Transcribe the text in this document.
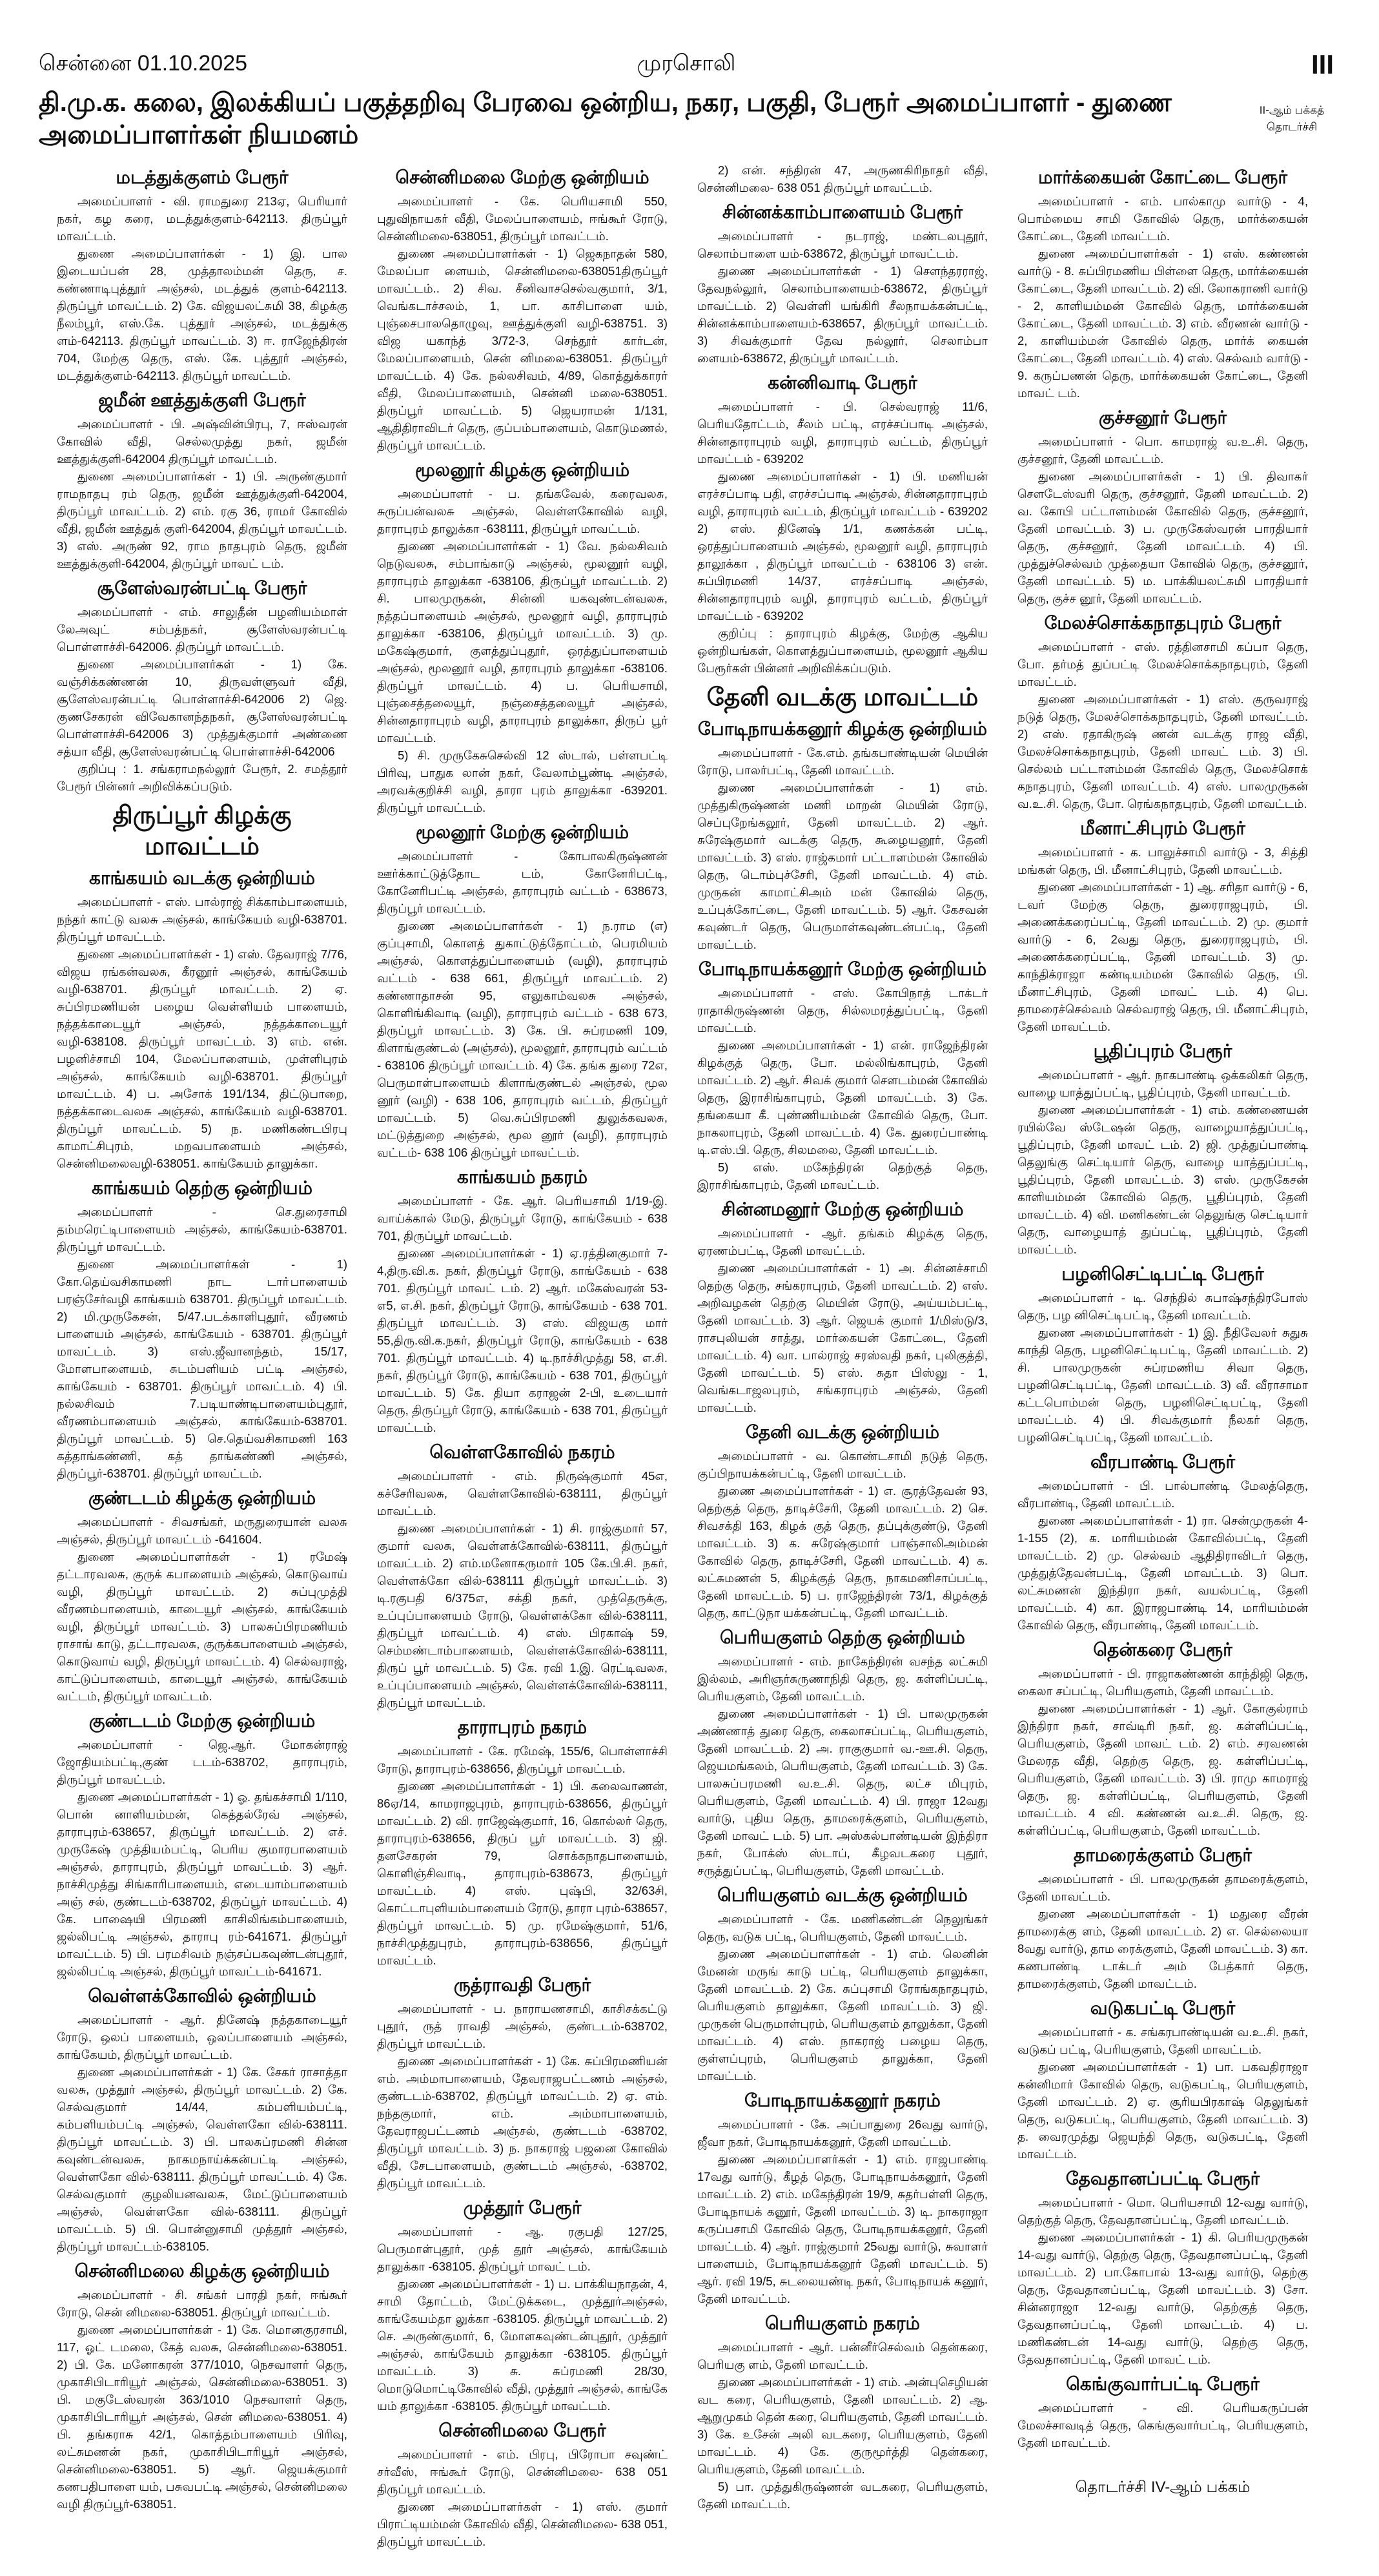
சென்னை 01.10.2025	முரசொலி	III
தி.மு.க. கலை, இலக்கியப் பகுத்தறிவு பேரவை ஒன்றிய, நகர, பகுதி, பேரூர் அமைப்பாளர் - துணை அமைப்பாளர்கள் நியமனம்
II-ஆம் பக்கத் தொடர்ச்சி
மடத்துக்குளம் பேரூர்

அமைப்பாளர் - வி. ராமதுரை 213ஏ, பெரியார் நகர், கழ கரை, மடத்துக்குளம்-642113. திருப்பூர் மாவட்டம்.

துணை அமைப்பாளர்கள் - 1) இ. பால இடையப்பன் 28, முத்தாலம்மன் தெரு, ச. கண்ணாடிபுத்தூர் அஞ்சல், மடத்துக் குளம்-642113. திருப்பூர் மாவட்டம். 2) கே. விஜயலட்சுமி 38, கிழக்கு நீலம்பூர், எஸ்.கே. புத்தூர் அஞ்சல், மடத்துக்கு ளம்-642113. திருப்பூர் மாவட்டம். 3) ஈ. ராஜேந்திரன் 704, மேற்கு தெரு, எஸ். கே. புத்தூர் அஞ்சல், மடத்துக்குளம்-642113. திருப்பூர் மாவட்டம்.

ஜமீன் ஊத்துக்குளி பேரூர்

அமைப்பாளர் - பி. அஷ்வின்பிரபு, 7, ஈஸ்வரன் கோவில் வீதி, செல்லமுத்து நகர், ஜமீன் ஊத்துக்குளி-642004 திருப்பூர் மாவட்டம்.

துணை அமைப்பாளர்கள் - 1) பி. அருண்குமார் ராமநாதபு ரம் தெரு, ஜமீன் ஊத்துக்குளி-642004, திருப்பூர் மாவட்டம். 2) எம். ரகு 36, ராமர் கோவில் வீதி, ஜமீன் ஊத்துக் குளி-642004, திருப்பூர் மாவட்டம். 3) எஸ். அருண் 92, ராம நாதபுரம் தெரு, ஜமீன் ஊத்துக்குளி-642004, திருப்பூர் மாவட் டம்.

சூளேஸ்வரன்பட்டி பேரூர்

அமைப்பாளர் - எம். சாலுதீன் பழனியம்மாள் லேஅவுட் சம்பத்நகர், சூளேஸ்வரன்பட்டி பொள்ளாச்சி-642006. திருப்பூர் மாவட்டம்.

துணை அமைப்பாளர்கள் - 1) கே. வஞ்சிக்கண்ணன் 10, திருவள்ளுவர் வீதி, சூளேஸ்வரன்பட்டி பொள்ளாச்சி-642006 2) ஜெ. குணசேகரன் விவேகானந்தநகர், சூளேஸ்வரன்பட்டி பொள்ளாச்சி-642006 3) முத்துக்குமார் அண்ணை சத்யா வீதி, சூளேஸ்வரன்பட்டி பொள்ளாச்சி-642006

குறிப்பு : 1. சங்கராமநல்லூர் பேரூர், 2. சமத்தூர் பேரூர் பின்னர் அறிவிக்கப்படும்.

திருப்பூர் கிழக்கு மாவட்டம்
காங்கயம் வடக்கு ஒன்றியம்

அமைப்பாளர் - எஸ். பால்ராஜ் சிக்காம்பாளையம், நந்தர் காட்டு வலசு அஞ்சல், காங்கேயம் வழி-638701. திருப்பூர் மாவட்டம்.

துணை அமைப்பாளர்கள் - 1) எஸ். தேவராஜ் 7/76, விஜய ரங்கன்வலசு, கீரனூர் அஞ்சல், காங்கேயம் வழி-638701. திருப்பூர் மாவட்டம். 2) ஏ. சுப்பிரமணியன் பழைய வெள்ளியம் பாளையம், நத்தக்காடையூர் அஞ்சல், நத்தக்காடையூர் வழி-638108. திருப்பூர் மாவட்டம். 3) எம். என். பழனிச்சாமி 104, மேலப்பாளையம், முள்ளிபுரம் அஞ்சல், காங்கேயம் வழி-638701. திருப்பூர் மாவட்டம். 4) ப. அசோக் 191/134, திட்டுபாறை, நத்தக்காடைவலசு அஞ்சல், காங்கேயம் வழி-638701. திருப்பூர் மாவட்டம். 5) ந. மணிகண்டபிரபு காமாட்சிபுரம், மறவபாளையம் அஞ்சல், சென்னிமலைவழி-638051. காங்கேயம் தாலுக்கா.

காங்கயம் தெற்கு ஒன்றியம்

அமைப்பாளர் - செ.துரைசாமி தம்மரெட்டிபாளையம் அஞ்சல், காங்கேயம்-638701. திருப்பூர் மாவட்டம்.

துணை அமைப்பாளர்கள் - 1) கோ.தெய்வசிகாமணி நாட டாா்பாளையம் பரஞ்சேர்வழி காங்கயம் 638701. திருப்பூர் மாவட்டம். 2) மி.முருகேசன், 5/47.படக்காளிபுதூர், வீரணம் பாளையம் அஞ்சல், காங்கேயம் - 638701. திருப்பூர் மாவட்டம். 3) எஸ்.ஜீவானந்தம், 15/17, மோளபாளையம், சுடம்பளியம் பட்டி அஞ்சல், காங்கேயம் - 638701. திருப்பூர் மாவட்டம். 4) பி. நல்லசிவம் 7.படியாண்டிபாளையம்புதூர், வீரணம்பாளையம் அஞ்சல், காங்கேயம்-638701. திருப்பூர் மாவட்டம். 5) செ.தெய்வசிகாமணி 163 கத்தாங்கண்ணி, கத் தாங்கண்ணி அஞ்சல், திருப்பூர்-638701. திருப்பூர் மாவட்டம்.

குண்டடம் கிழக்கு ஒன்றியம்

அமைப்பாளர் - சிவசங்கர், மருதுரையான் வலசு அஞ்சல், திருப்பூர் மாவட்டம் -641604.

துணை அமைப்பாளர்கள் - 1) ரமேஷ் தட்டாரவலசு, குருக் கபாளையம் அஞ்சல், கொடுவாய் வழி, திருப்பூர் மாவட்டம். 2) சுப்புமுத்தி வீரணம்பாளையம், காடையூர் அஞ்சல், காங்கேயம் வழி, திருப்பூர் மாவட்டம். 3) பாலசுப்பிரமணியம் ராசாங் காடு, தட்டாரவலசு, குருக்கபாளையம் அஞ்சல், கொடுவாய் வழி, திருப்பூர் மாவட்டம். 4) செல்வராஜ், காட்டுப்பாளையம், காடையூர் அஞ்சல், காங்கேயம் வட்டம், திருப்பூர் மாவட்டம்.

குண்டடம் மேற்கு ஒன்றியம்

அமைப்பாளர் - ஜெ.ஆர். மோகன்ராஜ் ஜோதியம்பட்டி,குண் டடம்-638702, தாராபுரம், திருப்பூர் மாவட்டம்.

துணை அமைப்பாளர்கள் - 1) ஓ. தங்கச்சாமி 1/110, பொன் னாளியம்மன், கெத்தல்ரேவ் அஞ்சல், தாராபுரம்-638657, திருப்பூர் மாவட்டம். 2) எச். முருகேஷ் முத்தியம்பட்டி, பெரிய குமாரபாளையம் அஞ்சல், தாராபுரம், திருப்பூர் மாவட்டம். 3) ஆர். நாச்சிமுத்து சிங்காரிபாளையம், எடையாம்பாளையம் அஞ் சல், குண்டடம்-638702, திருப்பூர் மாவட்டம். 4) கே. பாஷையி பிரமணி காசிலிங்கம்பாளையம், ஜல்லிபட்டி அஞ்சல், தாராபு ரம்-641671. திருப்பூர் மாவட்டம். 5) பி. பரமசிவம் நஞ்சப்பகவுண்டன்புதூர், ஜல்லிபட்டி அஞ்சல், திருப்பூர் மாவட்டம்-641671.

வெள்ளக்கோவில் ஒன்றியம்

அமைப்பாளர் - ஆர். தினேஷ் நத்தகாடையூர் ரோடு, ஒலப் பாளையம், ஒலப்பாளையம் அஞ்சல், காங்கேயம், திருப்பூர் மாவட்டம்.

துணை அமைப்பாளர்கள் - 1) கே. சேகர் ராசாத்தா வலசு, முத்தூர் அஞ்சல், திருப்பூர் மாவட்டம். 2) கே. செல்வகுமார் 14/44, கம்பளியம்பட்டி, கம்பளியம்பட்டி அஞ்சல், வெள்ளகோ வில்-638111. திருப்பூர் மாவட்டம். 3) பி. பாலசுப்ரமணி சின்ன கவுண்டன்வலசு, நாகமநாய்க்கன்பட்டி அஞ்சல், வெள்ளகோ வில்-638111. திருப்பூர் மாவட்டம். 4) கே. செல்வகுமார் குழலியனவலசு, மேட்டுப்பாளையம் அஞ்சல், வெள்ளகோ வில்-638111. திருப்பூர் மாவட்டம். 5) பி. பொன்னுசாமி முத்தூர் அஞ்சல், திருப்பூர் மாவட்டம்-638105.

சென்னிமலை கிழக்கு ஒன்றியம்

அமைப்பாளர் - சி. சங்கர் பாரதி நகர், ஈங்கூர் ரோடு, சென் னிமலை-638051. திருப்பூர் மாவட்டம்.

துணை அமைப்பாளர்கள் - 1) கே. மொனகுரசாமி, 117, ஓட் டமலை, கேத் வலசு, சென்னிமலை-638051. 2) பி. கே. மனோகரன் 377/1010, நெசவாளர் தெரு, முகாசிபிடாரியூர் அஞ்சல், சென்னிமலை-638051. 3) பி. மகுடேஸ்வரன் 363/1010 நெசவாளர் தெரு, முகாசிபிடாரியூர் அஞ்சல், சென் னிமலை-638051. 4) பி. தங்கராசு 42/1, கொத்தம்பாளையம் பிரிவு, லட்சுமணன் நகர், முகாசிபிடாரியூர் அஞ்சல், சென்னிமலை-638051. 5) ஆர். ஜெயக்குமார் கணபதிபாளை யம், பசுவபட்டி அஞ்சல், சென்னிமலை வழி திருப்பூர்-638051.

சென்னிமலை மேற்கு ஒன்றியம்

அமைப்பாளர் - கே. பெரியசாமி 550, புதுவிநாயகர் வீதி, மேலப்பாளையம், ஈங்கூர் ரோடு, சென்னிமலை-638051, திருப்பூர் மாவட்டம்.

துணை அமைப்பாளர்கள் - 1) ஜெகநாதன் 580, மேலப்பா ளையம், சென்னிமலை-638051திருப்பூர் மாவட்டம்.. 2) சிவ. சீனிவாசசெல்வகுமார், 3/1, வெங்கடாச்சலம், 1, பா. காசிபாளை யம், புஞ்சைபாலதொழுவு, ஊத்துக்குளி வழி-638751. 3) விஜ யகாந்த் 3/72-3, செந்தூர் கார்டன், மேலப்பாளையம், சென் னிமலை-638051. திருப்பூர் மாவட்டம். 4) கே. நல்லசிவம், 4/89, கொத்துக்காரர் வீதி, மேலப்பாளையம், சென்னி மலை-638051. திருப்பூர் மாவட்டம். 5) ஜெயராமன் 1/131, ஆதிதிராவிடர் தெரு, குப்பம்பாளையம், கொடுமணல், திருப்பூர் மாவட்டம்.

மூலனூர் கிழக்கு ஒன்றியம்

அமைப்பாளர் - ப. தங்கவேல், கரைவலசு, சுருப்பன்வலசு அஞ்சல், வெள்ளகோவில் வழி, தாராபுரம் தாலுக்கா -638111, திருப்பூர் மாவட்டம்.

துணை அமைப்பாளர்கள் - 1) வே. நல்லசிவம் நெடுவலசு, சம்பாங்காடு அஞ்சல், மூலனூர் வழி, தாராபுரம் தாலுக்கா -638106, திருப்பூர் மாவட்டம். 2) சி. பாலமுருகன், சின்னி யகவுண்டன்வலசு, நத்தப்பாளையம் அஞ்சல், மூலனூர் வழி, தாராபுரம் தாலுக்கா -638106, திருப்பூர் மாவட்டம். 3) மு. மகேஷ்குமார், குளத்துப்புதூர், ஒரத்துப்பாளையம் அஞ்சல், மூலனூர் வழி, தாராபுரம் தாலுக்கா -638106. திருப்பூர் மாவட்டம். 4) ப. பெரியசாமி, புஞ்சைத்தலையூர், நஞ்சைத்தலையூர் அஞ்சல், சின்னதாராபுரம் வழி, தாராபுரம் தாலுக்கா, திருப் பூர் மாவட்டம்.

5) சி. முருகேசுசெல்வி 12 ஸ்டால், பள்ளபட்டி பிரிவு, பாதுக லான் நகர், வேலாம்பூண்டி அஞ்சல், அரவக்குறிச்சி வழி, தாரா புரம் தாலுக்கா -639201. திருப்பூர் மாவட்டம்.

மூலனூர் மேற்கு ஒன்றியம்

அமைப்பாளர் - கோபாலகிருஷ்ணன் ஊர்க்காட்டுத்தோட டம், கோனேரிபட்டி, கோனேரிபட்டி அஞ்சல், தாராபுரம் வட்டம் - 638673, திருப்பூர் மாவட்டம்.

துணை அமைப்பாளர்கள் - 1) ந.ராம (எ) குப்புசாமி, கொளத் துகாட்டுத்தோட்டம், பெரமியம் அஞ்சல், கொளத்துப்பாளையம் (வழி), தாராபுரம் வட்டம் - 638 661, திருப்பூர் மாவட்டம். 2) கண்ணாதாசன் 95, எலுகாம்வலசு அஞ்சல், கொளிங்கிவாடி (வழி), தாராபுரம் வட்டம் - 638 673, திருப்பூர் மாவட்டம். 3) கே. பி. சுப்ரமணி 109, கிளாங்குண்டல் (அஞ்சல்), மூலனூர், தாராபுரம் வட்டம் - 638106 திருப்பூர் மாவட்டம். 4) கே. தங்க துரை 72எ, பெருமாள்பாளையம் கிளாங்குண்டல் அஞ்சல், மூல னூர் (வழி) - 638 106, தாராபுரம் வட்டம், திருப்பூர் மாவட்டம். 5) வெ.சுப்பிரமணி துலுக்கவலசு, மட்டுத்துறை அஞ்சல், மூல னூர் (வழி), தாராபுரம் வட்டம்- 638 106 திருப்பூர் மாவட்டம்.

காங்கயம் நகரம்

அமைப்பாளர் - கே. ஆர். பெரியசாமி 1/19-இ. வாய்க்கால் மேடு, திருப்பூர் ரோடு, காங்கேயம் - 638 701, திருப்பூர் மாவட்டம்.

துணை அமைப்பாளர்கள் - 1) ஏ.ரத்தினகுமார் 7-4,திரு.வி.க. நகர், திருப்பூர் ரோடு, காங்கேயம் - 638 701. திருப்பூர் மாவட் டம். 2) ஆர். மகேஸ்வரன் 53-எ5, எ.சி. நகர், திருப்பூர் ரோடு, காங்கேயம் - 638 701. திருப்பூர் மாவட்டம். 3) எஸ். விஜயகு மார் 55,திரு.வி.க.நகர், திருப்பூர் ரோடு, காங்கேயம் - 638 701. திருப்பூர் மாவட்டம். 4) டி.நாச்சிமுத்து 58, எ.சி. நகர், திருப்பூர் ரோடு, காங்கேயம் - 638 701, திருப்பூர் மாவட்டம். 5) கே. தியா கராஜன் 2-பி, உடையார் தெரு, திருப்பூர் ரோடு, காங்கேயம் - 638 701, திருப்பூர் மாவட்டம்.

வெள்ளகோவில் நகரம்

அமைப்பாளர் - எம். நிருஷ்குமார் 45எ, கச்சேரிவலசு, வெள்ளகோவில்-638111, திருப்பூர் மாவட்டம்.

துணை அமைப்பாளர்கள் - 1) சி. ராஜ்குமார் 57, குமார் வலசு, வெள்ளக்கோவில்-638111, திருப்பூர் மாவட்டம். 2) எம்.மனோகருமார் 105 கே.பி.சி. நகர், வெள்ளக்கோ வில்-638111 திருப்பூர் மாவட்டம். 3) டி.ரகுபதி 6/375எ, சக்தி நகர், முத்தெருக்கு, உப்புப்பாளையம் ரோடு, வெள்ளக்கோ வில்-638111, திருப்பூர் மாவட்டம். 4) எஸ். பிரகாஷ் 59, செம்மண்டாம்பாளையம், வெள்ளக்கோவில்-638111, திருப் பூர் மாவட்டம். 5) கே. ரவி 1.இ. ரெட்டிவலசு, உப்புப்பாளையம் அஞ்சல், வெள்ளக்கோவில்-638111, திருப்பூர் மாவட்டம்.

தாராபுரம் நகரம்

அமைப்பாளர் - கே. ரமேஷ், 155/6, பொள்ளாச்சி ரோடு, தாராபுரம்-638656, திருப்பூர் மாவட்டம்.

துணை அமைப்பாளர்கள் - 1) பி. கலைவாணன், 86ஏ/14, காமராஜபுரம், தாராபுரம்-638656, திருப்பூர் மாவட்டம். 2) வி. ராஜேஷ்குமார், 16, கொல்லர் தெரு, தாராபுரம்-638656, திருப் பூர் மாவட்டம். 3) ஜி. தனசேகரன் 79, சொக்கநாதபாளையம், கொளிஞ்சிவாடி, தாராபுரம்-638673, திருப்பூர் மாவட்டம். 4) எஸ். புஷ்பி, 32/63சி, கொட்டாபுளியம்பாளையம் ரோடு, தாரா புரம்-638657, திருப்பூர் மாவட்டம். 5) மு. ரமேஷ்குமார், 51/6, நாச்சிமுத்துபுரம், தாராபுரம்-638656, திருப்பூர் மாவட்டம்.

ருத்ராவதி பேரூர்

அமைப்பாளர் - ப. நாராயணசாமி, காசிசக்கட்டு புதூர், ருத் ராவதி அஞ்சல், குண்டடம்-638702, திருப்பூர் மாவட்டம்.

துணை அமைப்பாளர்கள் - 1) கே. சுப்பிரமணியன் எம். அம்மாபாளையம், தேவராஜபட்டணம் அஞ்சல், குண்டடம்-638702, திருப்பூர் மாவட்டம். 2) ஏ. எம். நந்தகுமார், எம். அம்மாபாளையம், தேவராஜபட்டணம் அஞ்சல், குண்டடம் -638702, திருப்பூர் மாவட்டம். 3) ந. நாகராஜ் பஜனை கோவில் வீதி, சேடபாளையம், குண்டடம் அஞ்சல், -638702, திருப்பூர் மாவட்டம்.

முத்தூர் பேரூர்

அமைப்பாளர் - ஆ. ரகுபதி 127/25, பெருமாள்புதூர், முத் தூர் அஞ்சல், காங்கேயம் தாலுக்கா -638105. திருப்பூர் மாவட் டம்.

துணை அமைப்பாளர்கள் - 1) ப. பாக்கியநாதன், 4, சாமி தோட்டம், மேட்டுக்கடை, முத்தூர்அஞ்சல், காங்கேயம்தா லுக்கா -638105. திருப்பூர் மாவட்டம். 2) செ. அருண்குமார், 6, மோளகவுண்டன்புதூர், முத்தூர் அஞ்சல், காங்கேயம் தாலுக்கா -638105. திருப்பூர் மாவட்டம். 3) சு. சுப்ரமணி 28/30, மொடுமொட்டிகோவில் வீதி, முத்தூர் அஞ்சல், காங்கே யம் தாலுக்கா -638105. திருப்பூர் மாவட்டம்.

சென்னிமலை பேரூர்

அமைப்பாளர் - எம். பிரபு, பிரோபா சவுண்ட் சர்வீஸ், ஈங்கூர் ரோடு, சென்னிமலை- 638 051 திருப்பூர் மாவட்டம்.

துணை அமைப்பாளர்கள் - 1) எஸ். குமார் பிராட்டியம்மன் கோவில் வீதி, சென்னிமலை- 638 051, திருப்பூர் மாவட்டம்.

2) என். சந்திரன் 47, அருணகிரிநாதர் வீதி, சென்னிமலை- 638 051 திருப்பூர் மாவட்டம்.

சின்னக்காம்பாளையம் பேரூர்

அமைப்பாளர் - நடராஜ், மண்டலபுதூர், செலாம்பாளை யம்-638672, திருப்பூர் மாவட்டம்.

துணை அமைப்பாளர்கள் - 1) சௌந்தரராஜ், தேவநல்லூர், செலாம்பாளையம்-638672, திருப்பூர் மாவட்டம். 2) வெள்ளி யங்கிரி சீலநாயக்கன்பட்டி, சின்னக்காம்பாளையம்-638657, திருப்பூர் மாவட்டம். 3) சிவக்குமார் தேவ நல்லூர், செலாம்பா ளையம்-638672, திருப்பூர் மாவட்டம்.

கன்னிவாடி பேரூர்

அமைப்பாளர் - பி. செல்வராஜ் 11/6, பெரியதோட்டம், சீலம் பட்டி, எரச்சப்பாடி அஞ்சல், சின்னதாராபுரம் வழி, தாராபுரம் வட்டம், திருப்பூர் மாவட்டம் - 639202

துணை அமைப்பாளர்கள் - 1) பி. மணியன் எரச்சப்பாடி பதி, எரச்சப்பாடி அஞ்சல், சின்னதாராபுரம் வழி, தாராபுரம் வட்டம், திருப்பூர் மாவட்டம் - 639202 2) எஸ். தினேஷ் 1/1, கணக்கன் பட்டி, ஒரத்துப்பாளையம் அஞ்சல், மூலனூர் வழி, தாராபுரம் தாலூக்கா , திருப்பூர் மாவட்டம் - 638106 3) என். சுப்பிரமணி 14/37, எரச்சப்பாடி அஞ்சல், சின்னதாராபுரம் வழி, தாராபுரம் வட்டம், திருப்பூர் மாவட்டம் - 639202

குறிப்பு : தாராபுரம் கிழக்கு, மேற்கு ஆகிய ஒன்றியங்கள், கொளத்துப்பாளையம், மூலனூர் ஆகிய பேரூர்கள் பின்னர் அறிவிக்கப்படும்.

தேனி வடக்கு மாவட்டம்
போடிநாயக்கனூர் கிழக்கு ஒன்றியம்

அமைப்பாளர் - கே.எம். தங்கபாண்டியன் மெயின் ரோடு, பாலர்பட்டி, தேனி மாவட்டம்.

துணை அமைப்பாளர்கள் - 1) எம். முத்துகிருஷ்ணன் மணி மாறன் மெயின் ரோடு, செப்புறேங்கலூர், தேனி மாவட்டம். 2) ஆர். சுரேஷ்குமார் வடக்கு தெரு, கூழையனூர், தேனி மாவட்டம். 3) எஸ். ராஜ்கமார் பட்டாளம்மன் கோவில் தெரு, டொம்புச்சேரி, தேனி மாவட்டம். 4) எம். முருகன் காமாட்சிஅம் மன் கோவில் தெரு, உப்புக்கோட்டை, தேனி மாவட்டம். 5) ஆர். கேசவன் கவுண்டர் தெரு, பெருமாள்கவுண்டன்பட்டி, தேனி மாவட்டம்.

போடிநாயக்கனூர் மேற்கு ஒன்றியம்

அமைப்பாளர் - எஸ். கோபிநாத் டாக்டர் ராதாகிருஷ்ணன் தெரு, சில்லமரத்துப்பட்டி, தேனி மாவட்டம்.

துணை அமைப்பாளர்கள் - 1) என். ராஜேந்திரன் கிழக்குத் தெரு, போ. மல்லிங்காபுரம், தேனி மாவட்டம். 2) ஆர். சிவக் குமார் செளடம்மன் கோவில் தெரு, இராசிங்காபுரம், தேனி மாவட்டம். 3) கே. தங்கையா கீ. புண்ணியம்மன் கோவில் தெரு, போ. நாகலாபுரம், தேனி மாவட்டம். 4) கே. துரைப்பாண்டி டி.எஸ்.பி. தெரு, சிலமலை, தேனி மாவட்டம்.

5) எஸ். மகேந்திரன் தெற்குத் தெரு, இராசிங்காபுரம், தேனி மாவட்டம்.

சின்னமனூர் மேற்கு ஒன்றியம்

அமைப்பாளர் - ஆர். தங்கம் கிழக்கு தெரு, ஏரணம்பட்டி, தேனி மாவட்டம்.

துணை அமைப்பாளர்கள் - 1) அ. சின்னச்சாமி தெற்கு தெரு, சங்கராபுரம், தேனி மாவட்டம். 2) எஸ். அறிவழகன் தெற்கு மெயின் ரோடு, அய்யம்பட்டி, தேனி மாவட்டம். 3) ஆர். ஜெயக் குமார் 1/மிஸ்டு/3, ராசபுலியன் சாத்து, மார்கையன் கோட்டை, தேனி மாவட்டம். 4) வா. பால்ராஜ் சரஸ்வதி நகர், புலிகுத்தி, தேனி மாவட்டம். 5) எஸ். சுதா பிஸ்லு - 1, வெங்கடாஜலபுரம், சங்கராபுரம் அஞ்சல், தேனி மாவட்டம்.

தேனி வடக்கு ஒன்றியம்

அமைப்பாளர் - வ. கொண்டசாமி நடுத் தெரு, குப்பிநாயக்கன்பட்டி, தேனி மாவட்டம்.

துணை அமைப்பாளர்கள் - 1) எ. சூரத்தேவன் 93, தெற்குத் தெரு, தாடிச்சேரி, தேனி மாவட்டம். 2) செ. சிவசக்தி 163, கிழக் குத் தெரு, தப்புக்குண்டு, தேனி மாவட்டம். 3) க. சுரேஷ்குமார் பாஞ்சாலிஅம்மன் கோவில் தெரு, தாடிச்சேரி, தேனி மாவட்டம். 4) க. லட்சுமணன் 5, கிழக்குத் தெரு, நாகமணிசாப்பட்டி, தேனி மாவட்டம். 5) ப. ராஜேந்திரன் 73/1, கிழக்குத் தெரு, காட்டுநா யக்கன்பட்டி, தேனி மாவட்டம்.

பெரியகுளம் தெற்கு ஒன்றியம்

அமைப்பாளர் - எம். நாகேந்திரன் வசந்த லட்சுமி இல்லம், அரிஞர்சுருணாநிதி தெரு, ஜ. கள்ளிப்பட்டி, பெரியகுளம், தேனி மாவட்டம்.

துணை அமைப்பாளர்கள் - 1) பி. பாலமுருகன் அண்ணாத் துரை தெரு, கைலாசப்பட்டி, பெரியகுளம், தேனி மாவட்டம். 2) அ. ராகுகுமார் வ.-ஊ.சி. தெரு, ஜெயமங்கலம், பெரியகுளம், தேனி மாவட்டம். 3) கே. பாலசுப்பரமணி வ.உ.சி. தெரு, லட்ச மிபுரம், பெரியகுளம், தேனி மாவட்டம். 4) பி. ராஜா 12வது வார்டு, புதிய தெரு, தாமரைக்குளம், பெரியகுளம், தேனி மாவட் டம். 5) பா. அஸ்கல்பாண்டியன் இந்திரா நகர், போக்ஸ் ஸ்டாப், கீழவடகரை புதூர், சருத்துப்பட்டி, பெரியகுளம், தேனி மாவட்டம்.

பெரியகுளம் வடக்கு ஒன்றியம்

அமைப்பாளர் - கே. மணிகண்டன் நெலுங்கர் தெரு, வடுக பட்டி, பெரியகுளம், தேனி மாவட்டம்.

துணை அமைப்பாளர்கள் - 1) எம். லெனின் மேனன் மருங் காடு பட்டி, பெரியகுளம் தாலுக்கா, தேனி மாவட்டம். 2) கே. சுப்புசாமி ரோங்கநாதபுரம், பெரியகுளம் தாலுக்கா, தேனி மாவட்டம். 3) ஜி. முருகன் பெருமாள்புரம், பெரியகுளம் தாலுக்கா, தேனி மாவட்டம். 4) எஸ். நாகராஜ் பழைய தெரு, குள்ளப்புரம், பெரியகுளம் தாலுக்கா, தேனி மாவட்டம்.

போடிநாயக்கனூர் நகரம்

அமைப்பாளர் - கே. அப்பாதுரை 26வது வார்டு, ஜீவா நகர், போடிநாயக்கனூர், தேனி மாவட்டம்.

துணை அமைப்பாளர்கள் - 1) எம். ராஜபாண்டி 17வது வார்டு, கீழத் தெரு, போடிநாயக்கனூர், தேனி மாவட்டம். 2) எம். மகேந்திரன் 19/9, சுதர்பள்ளி தெரு, போடிநாயக் கனூர், தேனி மாவட்டம். 3) டி. நாகராஜா கருப்பசாமி கோவில் தெரு, போடிநாயக்கனூர், தேனி மாவட்டம். 4) ஆர். ராஜ்குமார் 25வது வார்டு, சுவாளர் பாளையம், போடிநாயக்கனூர் தேனி மாவட்டம். 5) ஆர். ரவி 19/5, சுடலையண்டி நகர், போடிநாயக் கனூர், தேனி மாவட்டம்.

பெரியகுளம் நகரம்

அமைப்பாளர் - ஆர். பன்னீர்செல்வம் தென்கரை, பெரியகு ளம், தேனி மாவட்டம்.

துணை அமைப்பாளர்கள் - 1) எம். அன்புசெழியன் வட கரை, பெரியகுளம், தேனி மாவட்டம். 2) ஆ. ஆறுமுகம் தென் கரை, பெரியகுளம், தேனி மாவட்டம். 3) கே. உசேன் அலி வடகரை, பெரியகுளம், தேனி மாவட்டம். 4) கே. குருமூர்த்தி தென்கரை, பெரியகுளம், தேனி மாவட்டம்.

5) பா. முத்துகிருஷ்ணன் வடகரை, பெரியகுளம், தேனி மாவட்டம்.

மார்க்கையன் கோட்டை பேரூர்

அமைப்பாளர் - எம். பால்காமு வார்டு - 4, பொம்மைய சாமி கோவில் தெரு, மார்க்கையன் கோட்டை, தேனி மாவட்டம்.

துணை அமைப்பாளர்கள் - 1) எஸ். கண்ணன் வார்டு - 8. சுப்பிரமணிய பிள்ளை தெரு, மார்க்கையன் கோட்டை, தேனி மாவட்டம். 2) வி. லோகராணி வார்டு - 2, காளியம்மன் கோவில் தெரு, மார்க்கையன் கோட்டை, தேனி மாவட்டம். 3) எம். வீரணன் வார்டு - 2, காளியம்மன் கோவில் தெரு, மார்க் கையன் கோட்டை, தேனி மாவட்டம். 4) எஸ். செல்வம் வார்டு - 9. கருப்பணன் தெரு, மார்க்கையன் கோட்டை, தேனி மாவட் டம்.

குச்சனூர் பேரூர்

அமைப்பாளர் - பொ. காமராஜ் வ.உ.சி. தெரு, குச்சனூர், தேனி மாவட்டம்.

துணை அமைப்பாளர்கள் - 1) பி. திவாகர் சௌடேஸ்வரி தெரு, குச்சனூர், தேனி மாவட்டம். 2) வ. கோபி பட்டாளம்மன் கோவில் தெரு, குச்சனூர், தேனி மாவட்டம். 3) ப. முருகேஸ்வரன் பாரதியார் தெரு, குச்சனூர், தேனி மாவட்டம். 4) பி. முத்துச்செல்வம் முத்தையா கோவில் தெரு, குச்சனூர், தேனி மாவட்டம். 5) ம. பாக்கியலட்சுமி பாரதியார் தெரு, குச்ச னூர், தேனி மாவட்டம்.

மேலச்சொக்கநாதபுரம் பேரூர்

அமைப்பாளர் - எஸ். ரத்தினசாமி கப்பா தெரு, போ. தர்மத் துப்பட்டி மேலச்சொக்கநாதபுரம், தேனி மாவட்டம்.

துணை அமைப்பாளர்கள் - 1) எஸ். குருவராஜ் நடுத் தெரு, மேலச்சொக்கநாதபுரம், தேனி மாவட்டம். 2) எஸ். ரதாகிருஷ் ணன் வடக்கு ராஜ வீதி, மேலச்சொக்கநாதபுரம், தேனி மாவட் டம். 3) பி. செல்லம் பட்டாளம்மன் கோவில் தெரு, மேலச்சொக் கநாதபுரம், தேனி மாவட்டம். 4) எஸ். பாலமுருகன் வ.உ.சி. தெரு, போ. ரெங்கநாதபுரம், தேனி மாவட்டம்.

மீனாட்சிபுரம் பேரூர்

அமைப்பாளர் - க. பாலுச்சாமி வார்டு - 3, சித்தி மங்கள் தெரு, பி. மீனாட்சிபுரம், தேனி மாவட்டம்.

துணை அமைப்பாளர்கள் - 1) ஆ. சரிதா வார்டு - 6, டவர் மேற்கு தெரு, துரைராஜபுரம், பி. அணைக்கரைப்பட்டி, தேனி மாவட்டம். 2) மு. குமார் வார்டு - 6, 2வது தெரு, துரைராஜபுரம், பி. அணைக்கரைப்பட்டி, தேனி மாவட்டம். 3) மு. காந்திக்ராஜா கண்டியம்மன் கோவில் தெரு, பி. மீனாட்சிபுரம், தேனி மாவட் டம். 4) பெ. தாமரைச்செல்வம் செல்வராஜ் தெரு, பி. மீனாட்சிபுரம், தேனி மாவட்டம்.

பூதிப்புரம் பேரூர்

அமைப்பாளர் - ஆர். நாகபாண்டி ஒக்கலிகர் தெரு, வாழை யாத்துப்பட்டி, பூதிப்புரம், தேனி மாவட்டம்.

துணை அமைப்பாளர்கள் - 1) எம். கண்ணையன் ரயில்வே ஸ்டேஷன் தெரு, வாழையாத்துப்பட்டி, பூதிப்புரம், தேனி மாவட் டம். 2) ஜி. முத்துப்பாண்டி தெலுங்கு செட்டியார் தெரு, வாழை யாத்துப்பட்டி, பூதிப்புரம், தேனி மாவட்டம். 3) எஸ். முருகேசன் காளியம்மன் கோவில் தெரு, பூதிப்புரம், தேனி மாவட்டம். 4) வி. மணிகண்டன் தெலுங்கு செட்டியார் தெரு, வாழையாத் துப்பட்டி, பூதிப்புரம், தேனி மாவட்டம்.

பழனிசெட்டிபட்டி பேரூர்

அமைப்பாளர் - டி. செந்தில் சுபாஷ்சந்திரபோஸ் தெரு, பழ னிசெட்டிபட்டி, தேனி மாவட்டம்.

துணை அமைப்பாளர்கள் - 1) இ. நீதிவேலர் சுதுசு காந்தி தெரு, பழனிசெட்டிபட்டி, தேனி மாவட்டம். 2) சி. பாலமுருகன் சுப்ரமணிய சிவா தெரு, பழனிசெட்டிபட்டி, தேனி மாவட்டம். 3) வீ. வீராசாமா கட்டபொம்மன் தெரு, பழனிசெட்டிபட்டி, தேனி மாவட்டம். 4) பி. சிவக்குமார் நீலகர் தெரு, பழனிசெட்டிபட்டி, தேனி மாவட்டம்.

வீரபாண்டி பேரூர்

அமைப்பாளர் - பி. பால்பாண்டி மேலத்தெரு, வீரபாண்டி, தேனி மாவட்டம்.

துணை அமைப்பாளர்கள் - 1) ரா. சென்முருகன் 4-1-155 (2), க. மாரியம்மன் கோவில்பட்டி, தேனி மாவட்டம். 2) மு. செல்வம் ஆதிதிராவிடர் தெரு, முத்துத்தேவன்பட்டி, தேனி மாவட்டம். 3) பொ. லட்சுமணன் இந்திரா நகர், வயல்பட்டி, தேனி மாவட்டம். 4) கா. இராஜபாண்டி 14, மாரியம்மன் கோவில் தெரு, வீரபாண்டி, தேனி மாவட்டம்.

தென்கரை பேரூர்

அமைப்பாளர் - பி. ராஜாகண்ணன் காந்திஜி தெரு, கைலா சப்பட்டி, பெரியகுளம், தேனி மாவட்டம்.

துணை அமைப்பாளர்கள் - 1) ஆர். கோகுல்ராம் இந்திரா நகர், சாவ்டிரி நகர், ஜ. கள்ளிப்பட்டி, பெரியகுளம், தேனி மாவட் டம். 2) எம். சரவணன் மேலரத வீதி, தெற்கு தெரு, ஜ. கள்ளிப்பட்டி, பெரியகுளம், தேனி மாவட்டம். 3) பி. ராமு காமராஜ் தெரு, ஜ. கள்ளிப்பட்டி, பெரியகுளம், தேனி மாவட்டம். 4 வி. கண்ணன் வ.உ.சி. தெரு, ஜ. கள்ளிப்பட்டி, பெரியகுளம், தேனி மாவட்டம்.

தாமரைக்குளம் பேரூர்

அமைப்பாளர் - பி. பாலமுருகன் தாமரைக்குளம், தேனி மாவட்டம்.

துணை அமைப்பாளர்கள் - 1) மதுரை வீரன் தாமரைக்கு ளம், தேனி மாவட்டம். 2) எ. செல்லையா 8வது வார்டு, தாம ரைக்குளம், தேனி மாவட்டம். 3) கா. கணபாண்டி டாக்டர் அம் பேத்கார் தெரு, தாமரைக்குளம், தேனி மாவட்டம்.

வடுகபட்டி பேரூர்

அமைப்பாளர் - க. சங்கரபாண்டியன் வ.உ.சி. நகர், வடுகப் பட்டி, பெரியகுளம், தேனி மாவட்டம்.

துணை அமைப்பாளர்கள் - 1) பா. பகவதிராஜா கன்னிமார் கோவில் தெரு, வடுகபட்டி, பெரியகுளம், தேனி மாவட்டம். 2) ஏ. சூரியபிரகாஷ் தெலுங்கர் தெரு, வடுகபட்டி, பெரியகுளம், தேனி மாவட்டம். 3) த. வைரமுத்து ஜெயந்தி தெரு, வடுகபட்டி, தேனி மாவட்டம்.

தேவதானப்பட்டி பேரூர்

அமைப்பாளர் - மொ. பெரியசாமி 12-வது வார்டு, தெற்குத் தெரு, தேவதானப்பட்டி, தேனி மாவட்டம்.

துணை அமைப்பாளர்கள் - 1) கி. பெரியமுருகன் 14-வது வார்டு, தெற்கு தெரு, தேவதானப்பட்டி, தேனி மாவட்டம். 2) பா.கோபால் 13-வது வார்டு, தெற்கு தெரு, தேவதானப்பட்டி, தேனி மாவட்டம். 3) சோ. சின்னராஜா 12-வது வார்டு, தெற்குத் தெரு, தேவதானப்பட்டி, தேனி மாவட்டம். 4) ப. மணிகண்டன் 14-வது வார்டு, தெற்கு தெரு, தேவதானப்பட்டி, தேனி மாவட் டம்.

கெங்குவார்பட்டி பேரூர்

அமைப்பாளர் - வி. பெரியகருப்பன் மேலச்சாவடித் தெரு, கெங்குவார்பட்டி, பெரியகுளம், தேனி மாவட்டம்.

தொடர்ச்சி IV-ஆம் பக்கம்
